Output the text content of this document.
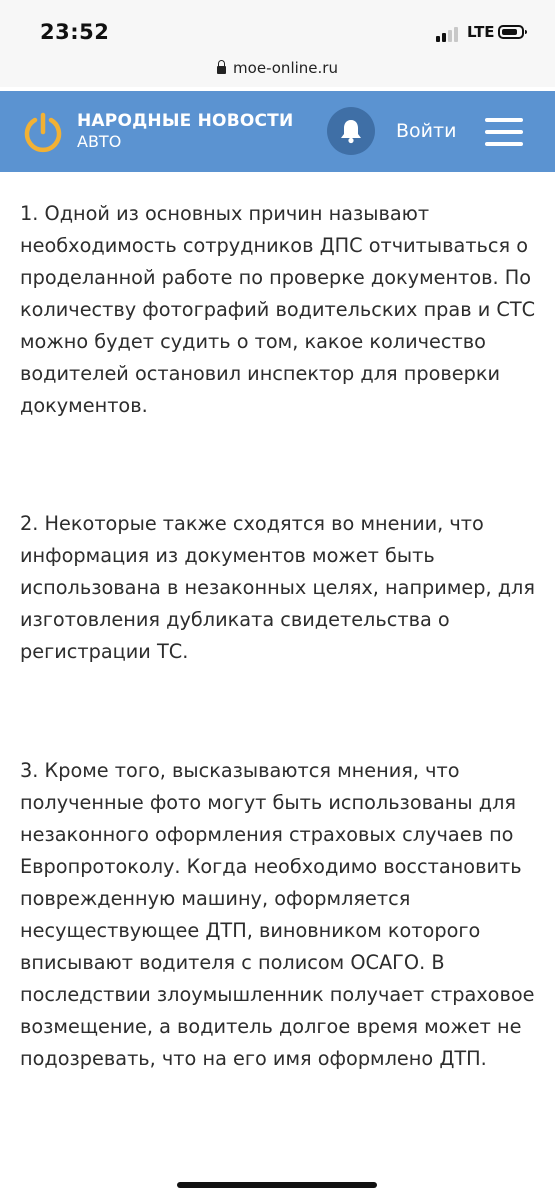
23:52	LTE
moe-online.ru
НАРОДНЫЕ НОВОСТИ
АВТО	Войти

1. Одной из основных причин называют необходимость сотрудников ДПС отчитываться о проделанной работе по проверке документов. По количеству фотографий водительских прав и СТС можно будет судить о том, какое количество водителей остановил инспектор для проверки документов.

2. Некоторые также сходятся во мнении, что информация из документов может быть использована в незаконных целях, например, для изготовления дубликата свидетельства о регистрации ТС.

3. Кроме того, высказываются мнения, что полученные фото могут быть использованы для незаконного оформления страховых случаев по Европротоколу. Когда необходимо восстановить поврежденную машину, оформляется несуществующее ДТП, виновником которого вписывают водителя с полисом ОСАГО. В последствии злоумышленник получает страховое возмещение, а водитель долгое время может не подозревать, что на его имя оформлено ДТП.
